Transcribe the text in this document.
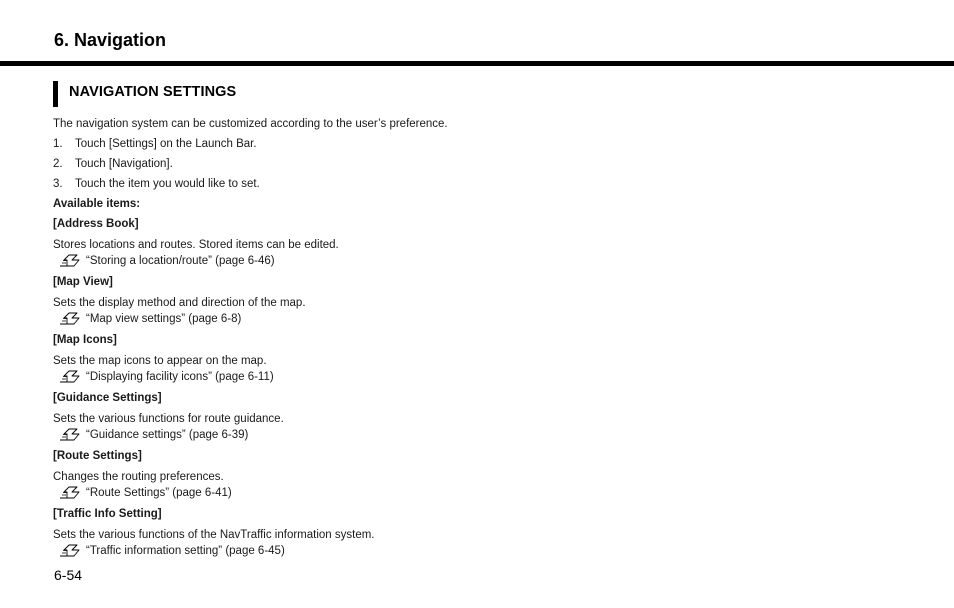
6. Navigation
NAVIGATION SETTINGS

The navigation system can be customized according to the user’s preference.

1.	Touch [Settings] on the Launch Bar.
2.	Touch [Navigation].
3.	Touch the item you would like to set.

Available items:

[Address Book]

Stores locations and routes. Stored items can be edited.

“Storing a location/route” (page 6-46)

[Map View]

Sets the display method and direction of the map.

“Map view settings” (page 6-8)

[Map Icons]

Sets the map icons to appear on the map.

“Displaying facility icons” (page 6-11)

[Guidance Settings]

Sets the various functions for route guidance.

“Guidance settings” (page 6-39)

[Route Settings]

Changes the routing preferences.

“Route Settings” (page 6-41)

[Traffic Info Setting]

Sets the various functions of the NavTraffic information system.

“Traffic information setting” (page 6-45)

6-54
